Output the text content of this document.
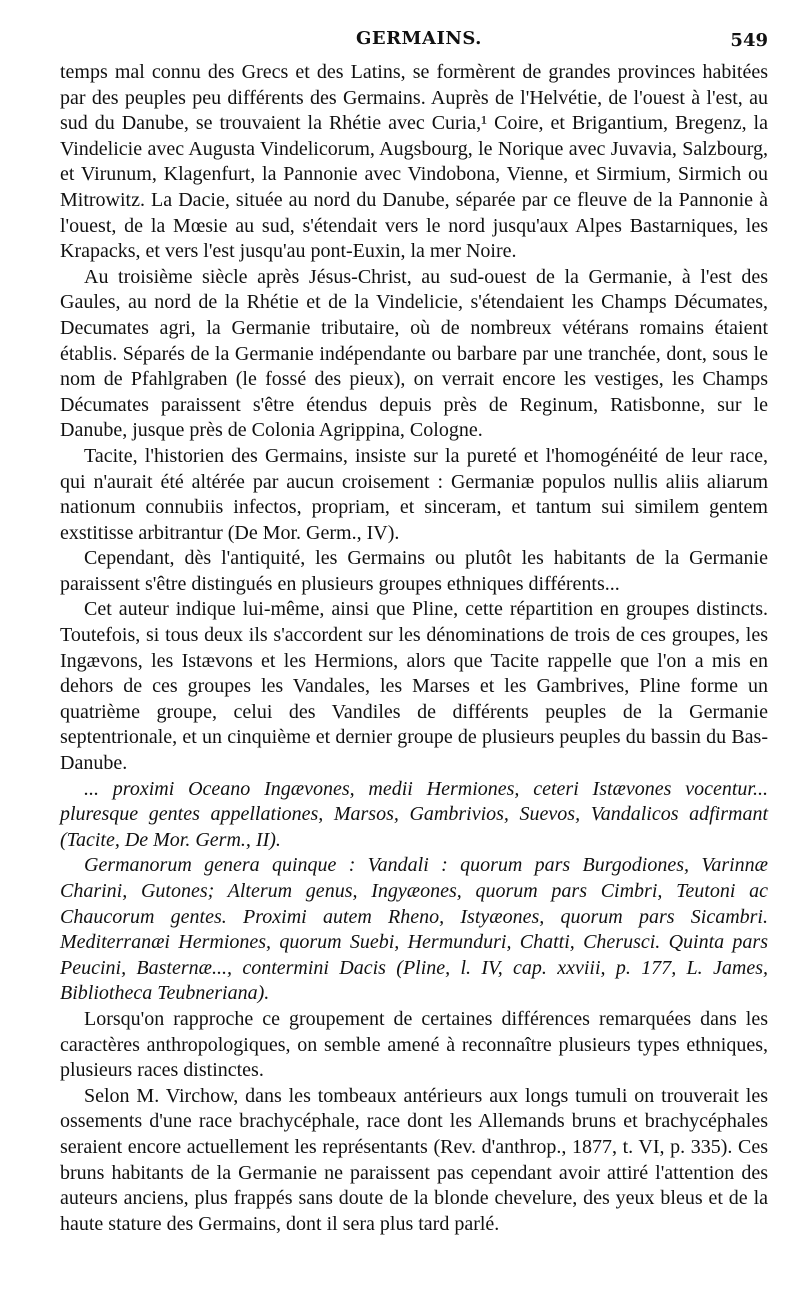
GERMAINS.	549

temps mal connu des Grecs et des Latins, se formèrent de grandes provinces habitées par des peuples peu différents des Germains. Auprès de l'Helvétie, de l'ouest à l'est, au sud du Danube, se trouvaient la Rhétie avec Curia,¹ Coire, et Brigantium, Bregenz, la Vindelicie avec Augusta Vindelicorum, Augsbourg, le Norique avec Juvavia, Salzbourg, et Virunum, Klagenfurt, la Pannonie avec Vindobona, Vienne, et Sirmium, Sirmich ou Mitrowitz. La Dacie, située au nord du Danube, séparée par ce fleuve de la Pannonie à l'ouest, de la Mœsie au sud, s'étendait vers le nord jusqu'aux Alpes Bastarniques, les Krapacks, et vers l'est jusqu'au pont-Euxin, la mer Noire.

Au troisième siècle après Jésus-Christ, au sud-ouest de la Germanie, à l'est des Gaules, au nord de la Rhétie et de la Vindelicie, s'étendaient les Champs Décumates, Decumates agri, la Germanie tributaire, où de nombreux vétérans romains étaient établis. Séparés de la Germanie indépendante ou barbare par une tranchée, dont, sous le nom de Pfahlgraben (le fossé des pieux), on verrait encore les vestiges, les Champs Décumates paraissent s'être étendus depuis près de Reginum, Ratisbonne, sur le Danube, jusque près de Colonia Agrippina, Cologne.

Tacite, l'historien des Germains, insiste sur la pureté et l'homogénéité de leur race, qui n'aurait été altérée par aucun croisement : Germaniæ populos nullis aliis aliarum nationum connubiis infectos, propriam, et sinceram, et tantum sui similem gentem exstitisse arbitrantur (De Mor. Germ., IV).

Cependant, dès l'antiquité, les Germains ou plutôt les habitants de la Germanie paraissent s'être distingués en plusieurs groupes ethniques différents...

Cet auteur indique lui-même, ainsi que Pline, cette répartition en groupes distincts. Toutefois, si tous deux ils s'accordent sur les dénominations de trois de ces groupes, les Ingævons, les Istævons et les Hermions, alors que Tacite rappelle que l'on a mis en dehors de ces groupes les Vandales, les Marses et les Gambrives, Pline forme un quatrième groupe, celui des Vandiles de différents peuples de la Germanie septentrionale, et un cinquième et dernier groupe de plusieurs peuples du bassin du Bas-Danube.

... proximi Oceano Ingævones, medii Hermiones, ceteri Istævones vocentur... pluresque gentes appellationes, Marsos, Gambrivios, Suevos, Vandalicos adfirmant (Tacite, De Mor. Germ., II).

Germanorum genera quinque : Vandali : quorum pars Burgodiones, Varinnæ Charini, Gutones; Alterum genus, Ingyæones, quorum pars Cimbri, Teutoni ac Chaucorum gentes. Proximi autem Rheno, Istyæones, quorum pars Sicambri. Mediterranæi Hermiones, quorum Suebi, Hermunduri, Chatti, Cherusci. Quinta pars Peucini, Basternæ..., contermini Dacis (Pline, l. IV, cap. xxviii, p. 177, L. James, Bibliotheca Teubneriana).

Lorsqu'on rapproche ce groupement de certaines différences remarquées dans les caractères anthropologiques, on semble amené à reconnaître plusieurs types ethniques, plusieurs races distinctes.

Selon M. Virchow, dans les tombeaux antérieurs aux longs tumuli on trouverait les ossements d'une race brachycéphale, race dont les Allemands bruns et brachycéphales seraient encore actuellement les représentants (Rev. d'anthrop., 1877, t. VI, p. 335). Ces bruns habitants de la Germanie ne paraissent pas cependant avoir attiré l'attention des auteurs anciens, plus frappés sans doute de la blonde chevelure, des yeux bleus et de la haute stature des Germains, dont il sera plus tard parlé.
